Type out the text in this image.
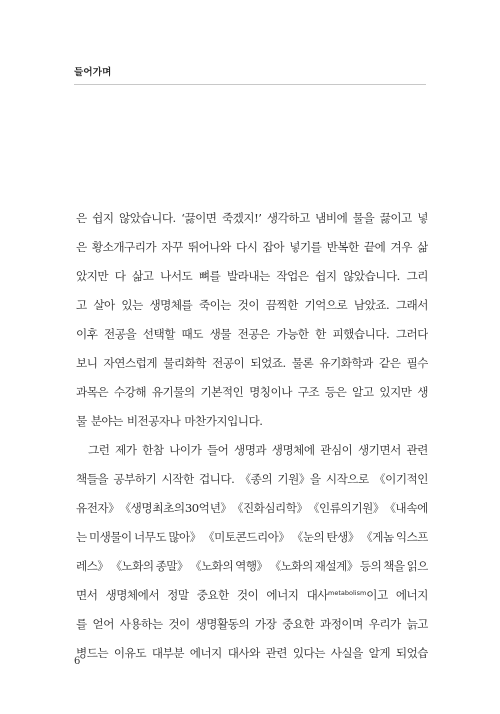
들어가며
은 쉽지 않았습니다. ‘끓이면 죽겠지!’ 생각하고 냄비에 물을 끓이고 넣
은 황소개구리가 자꾸 뛰어나와 다시 잡아 넣기를 반복한 끝에 겨우 삶
았지만 다 삶고 나서도 뼈를 발라내는 작업은 쉽지 않았습니다. 그리
고 살아 있는 생명체를 죽이는 것이 끔찍한 기억으로 남았죠. 그래서
이후 전공을 선택할 때도 생물 전공은 가능한 한 피했습니다. 그러다
보니 자연스럽게 물리화학 전공이 되었죠. 물론 유기화학과 같은 필수
과목은 수강해 유기물의 기본적인 명칭이나 구조 등은 알고 있지만 생
물 분야는 비전공자나 마찬가지입니다.
그런 제가 한참 나이가 들어 생명과 생명체에 관심이 생기면서 관련
책들을 공부하기 시작한 겁니다. 《종의 기원》을 시작으로 《이기적인
유전자》 《생명 최초의 30억 년》 《진화심리학》 《인류의 기원》 《내 속에
는 미생물이 너무도 많아》 《미토콘드리아》 《눈의 탄생》 《게놈 익스프
레스》 《노화의 종말》 《노화의 역행》 《노화의 재설계》 등의 책을 읽으
면서 생명체에서 정말 중요한 것이 에너지 대사$^{metabolism}$이고 에너지
를 얻어 사용하는 것이 생명활동의 가장 중요한 과정이며 우리가 늙고
병드는 이유도 대부분 에너지 대사와 관련 있다는 사실을 알게 되었습
6
